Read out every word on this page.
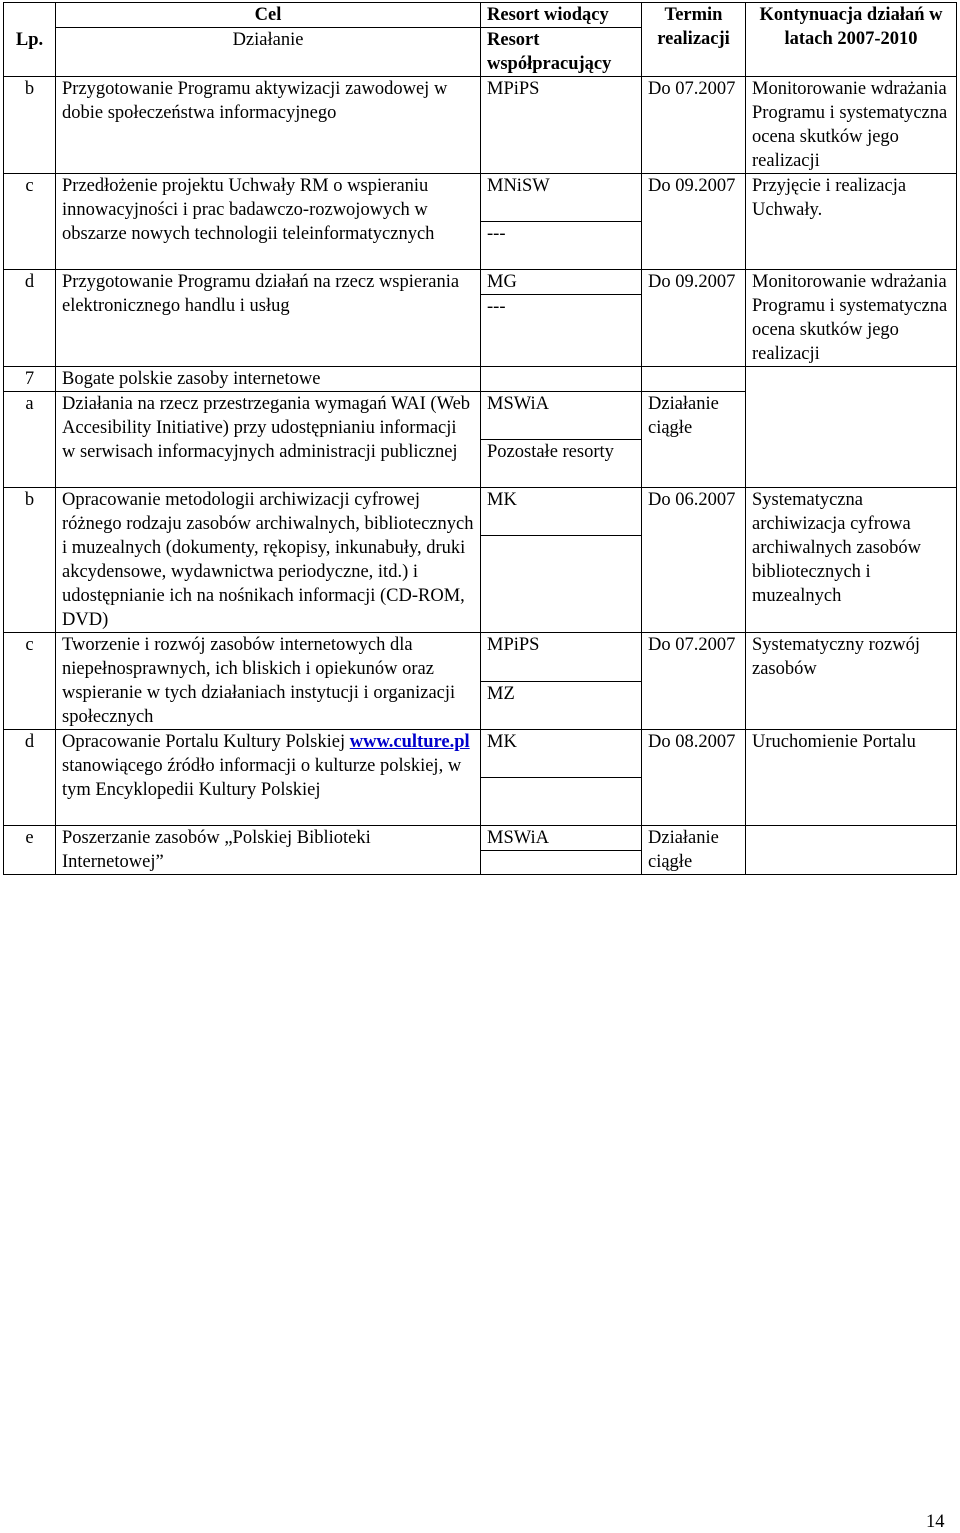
Lp.	Cel	Resort wiodący	Termin realizacji	Kontynuacja działań w latach 2007-2010
	Działanie	Resort współpracujący		

b	Przygotowanie Programu aktywizacji zawodowej w dobie społeczeństwa informacyjnego	MPiPS	Do 07.2007	Monitorowanie wdrażania Programu i systematyczna ocena skutków jego realizacji
c	Przedłożenie projektu Uchwały RM o wspieraniu innowacyjności i prac badawczo-rozwojowych w obszarze nowych technologii teleinformatycznych	MNiSW	Do 09.2007	Przyjęcie i realizacja Uchwały.
		---		
d	Przygotowanie Programu działań na rzecz wspierania elektronicznego handlu i usług	MG	Do 09.2007	Monitorowanie wdrażania Programu i systematyczna ocena skutków jego realizacji
		---		
7	Bogate polskie zasoby internetowe			
a	Działania na rzecz przestrzegania wymagań WAI (Web Accesibility Initiative) przy udostępnianiu informacji w serwisach informacyjnych administracji publicznej	MSWiA	Działanie ciągłe	
		Pozostałe resorty		
b	Opracowanie metodologii archiwizacji cyfrowej różnego rodzaju zasobów archiwalnych, bibliotecznych i muzealnych (dokumenty, rękopisy, inkunabuły, druki akcydensowe, wydawnictwa periodyczne, itd.) i udostępnianie ich na nośnikach informacji (CD-ROM, DVD)	MK	Do 06.2007	Systematyczna archiwizacja cyfrowa archiwalnych zasobów bibliotecznych i muzealnych

c	Tworzenie i rozwój zasobów internetowych dla niepełnosprawnych, ich bliskich i opiekunów oraz wspieranie w tych działaniach instytucji i organizacji społecznych	MPiPS	Do 07.2007	Systematyczny rozwój zasobów
		MZ		
d	Opracowanie Portalu Kultury Polskiej www.culture.pl stanowiącego źródło informacji o kulturze polskiej, w tym Encyklopedii Kultury Polskiej	MK	Do 08.2007	Uruchomienie Portalu

e	Poszerzanie zasobów „Polskiej Biblioteki Internetowej”	MSWiA	Działanie ciągłe	

14
